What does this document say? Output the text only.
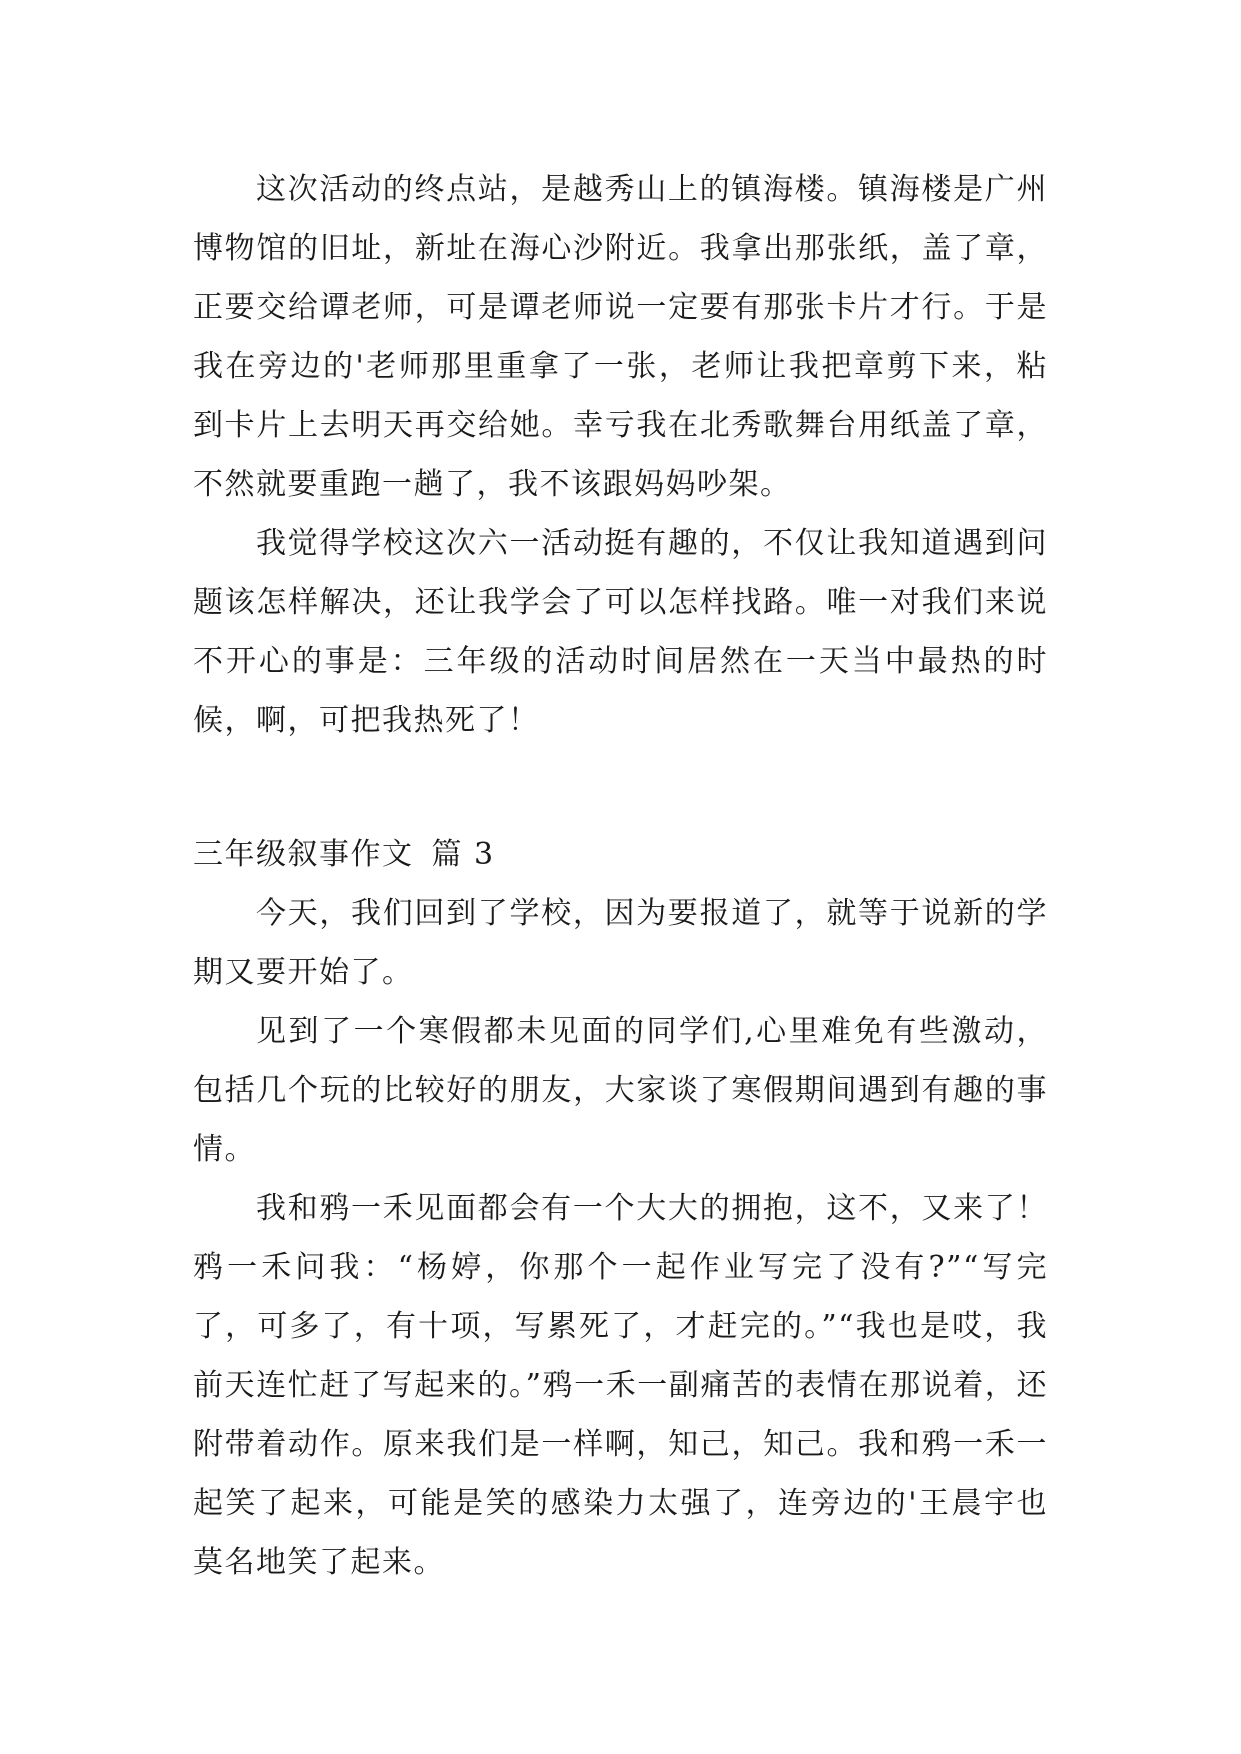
这次活动的终点站，是越秀山上的镇海楼。镇海楼是广州博物馆的旧址，新址在海心沙附近。我拿出那张纸，盖了章，正要交给谭老师，可是谭老师说一定要有那张卡片才行。于是我在旁边的'老师那里重拿了一张，老师让我把章剪下来，粘到卡片上去明天再交给她。幸亏我在北秀歌舞台用纸盖了章，不然就要重跑一趟了，我不该跟妈妈吵架。

我觉得学校这次六一活动挺有趣的，不仅让我知道遇到问题该怎样解决，还让我学会了可以怎样找路。唯一对我们来说不开心的事是：三年级的活动时间居然在一天当中最热的时候，啊，可把我热死了！

三年级叙事作文 篇 3

今天，我们回到了学校，因为要报道了，就等于说新的学期又要开始了。

见到了一个寒假都未见面的同学们,心里难免有些激动，包括几个玩的比较好的朋友，大家谈了寒假期间遇到有趣的事情。

我和鸦一禾见面都会有一个大大的拥抱，这不，又来了！鸦一禾问我：“杨婷，你那个一起作业写完了没有?”“写完了，可多了，有十项，写累死了，才赶完的。”“我也是哎，我前天连忙赶了写起来的。”鸦一禾一副痛苦的表情在那说着，还附带着动作。原来我们是一样啊，知己，知己。我和鸦一禾一起笑了起来，可能是笑的感染力太强了，连旁边的'王晨宇也莫名地笑了起来。
